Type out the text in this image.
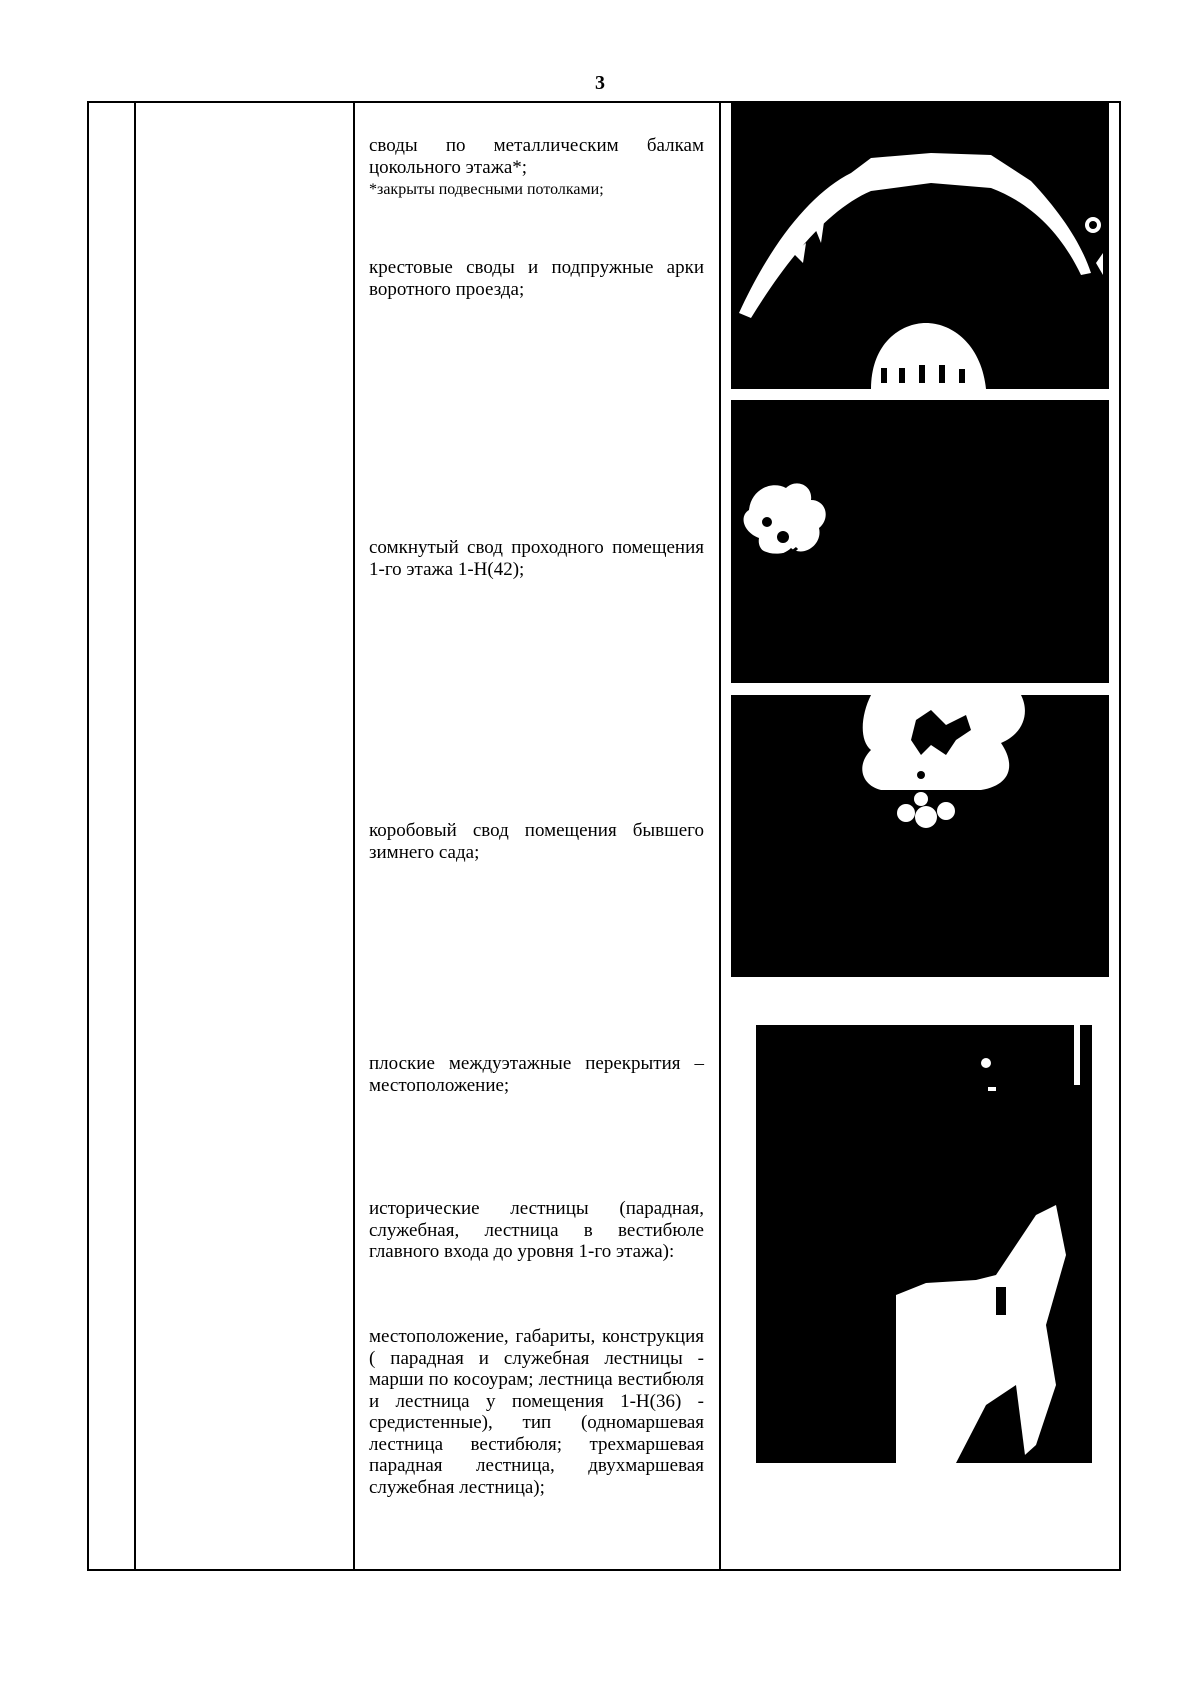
3

своды по металлическим балкам цокольного этажа*;

*закрыты подвесными потолками;

крестовые своды и подпружные арки воротного проезда;

сомкнутый свод проходного помещения 1-го этажа 1-Н(42);

коробовый свод помещения бывшего зимнего сада;

плоские междуэтажные перекрытия – местоположение;

исторические лестницы (парадная, служебная, лестница в вестибюле главного входа до уровня 1-го этажа):

местоположение, габариты, конструкция ( парадная и служебная лестницы - марши по косоурам; лестница вестибюля и лестница у помещения 1-Н(36) - средистенные), тип (одномаршевая лестница вестибюля; трехмаршевая парадная лестница, двухмаршевая служебная лестница);
